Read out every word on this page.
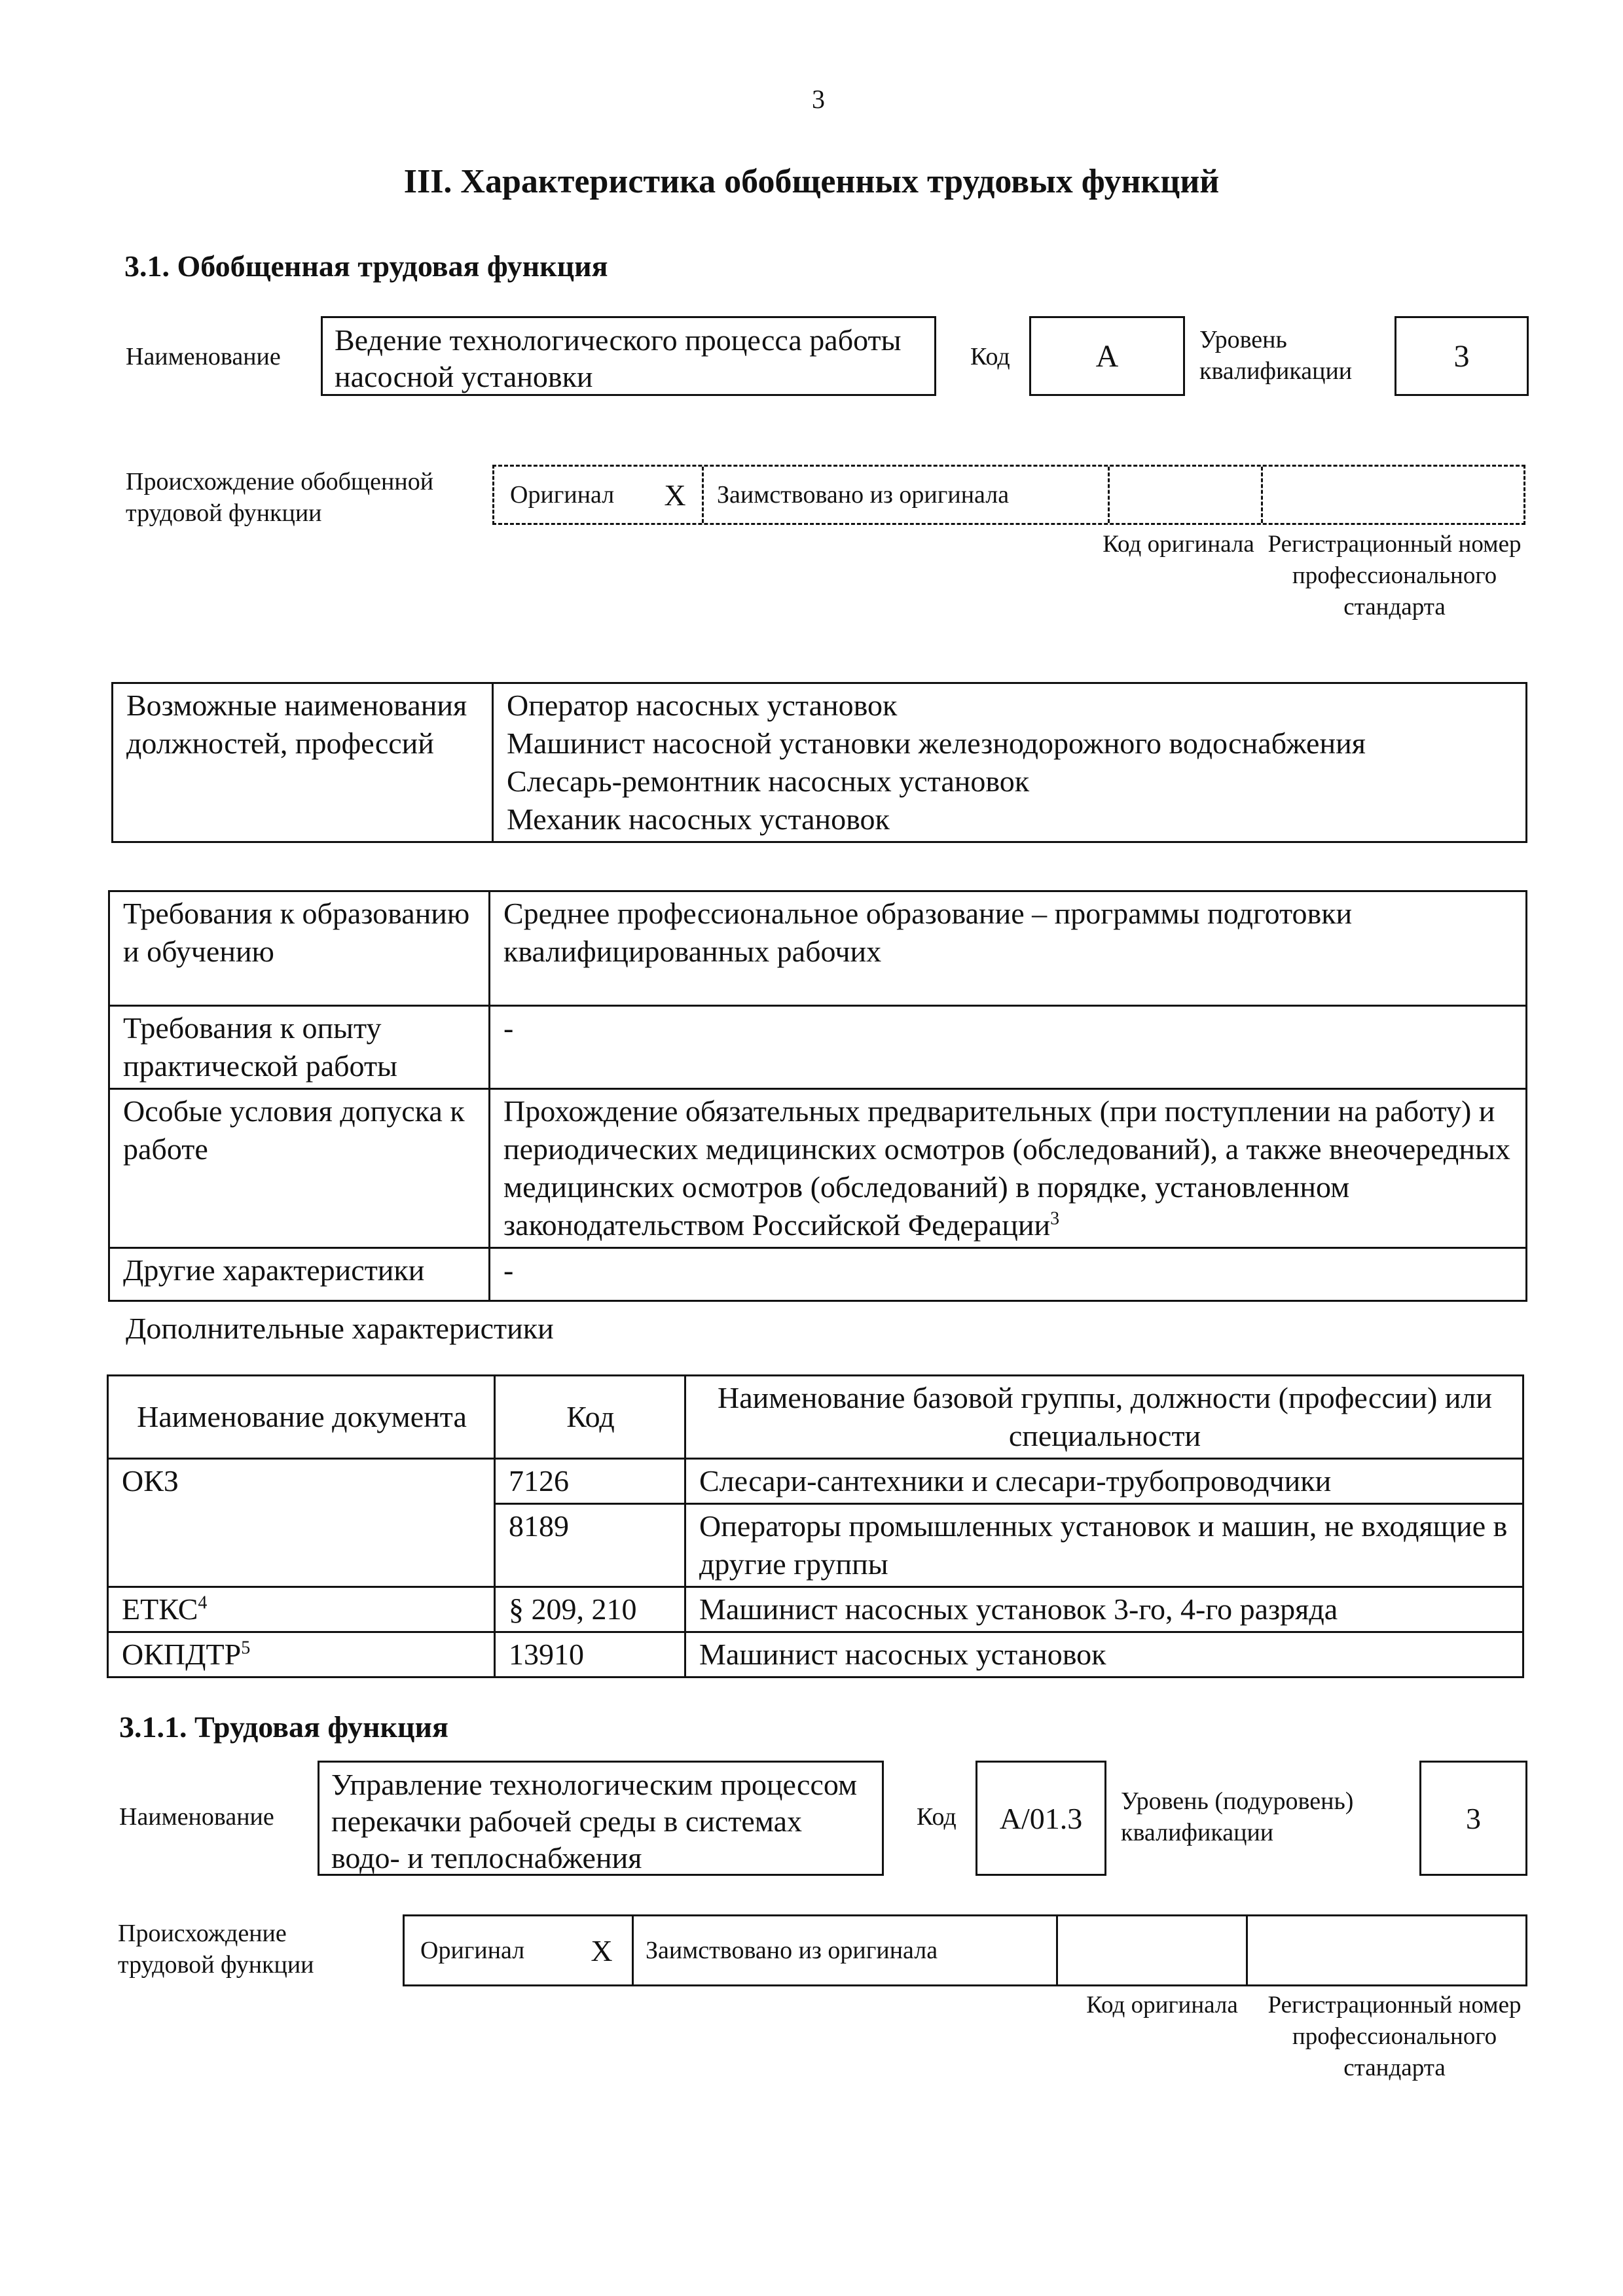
3
III. Характеристика обобщенных трудовых функций
3.1. Обобщенная трудовая функция
Наименование	Ведение технологического процесса работы насосной установки
Код	А	Уровень квалификации	3
Происхождение обобщенной трудовой функции
Оригинал	X	Заимствовано из оригинала
Код оригинала Регистрационный номер профессионального стандарта
Возможные наименования должностей, профессий	
Оператор насосных установок
Машинист насосной установки железнодорожного водоснабжения
Слесарь-ремонтник насосных установок
Механик насосных установок
Требования к образованию и обучению	Среднее профессиональное образование – программы подготовки квалифицированных рабочих
Требования к опыту практической работы	-
Особые условия допуска к работе	Прохождение обязательных предварительных (при поступлении на работу) и периодических медицинских осмотров (обследований), а также внеочередных медицинских осмотров (обследований) в порядке, установленном законодательством Российской Федерации$^3$
Другие характеристики	-
Дополнительные характеристики
Наименование документа	Код	Наименование базовой группы, должности (профессии) или специальности
ОКЗ	7126	Слесари-сантехники и слесари-трубопроводчики
	8189	Операторы промышленных установок и машин, не входящие в другие группы
ЕТКС$^4$	§ 209, 210	Машинист насосных установок 3-го, 4-го разряда
ОКПДТР$^5$	13910	Машинист насосных установок
3.1.1. Трудовая функция
Наименование
Управление технологическим процессом перекачки рабочей среды в системах водо- и теплоснабжения
Код A/01.3
Уровень (подуровень) квалификации	3
Происхождение трудовой функции
Оригинал	X	Заимствовано из оригинала
Код оригинала	Регистрационный номер профессионального стандарта
